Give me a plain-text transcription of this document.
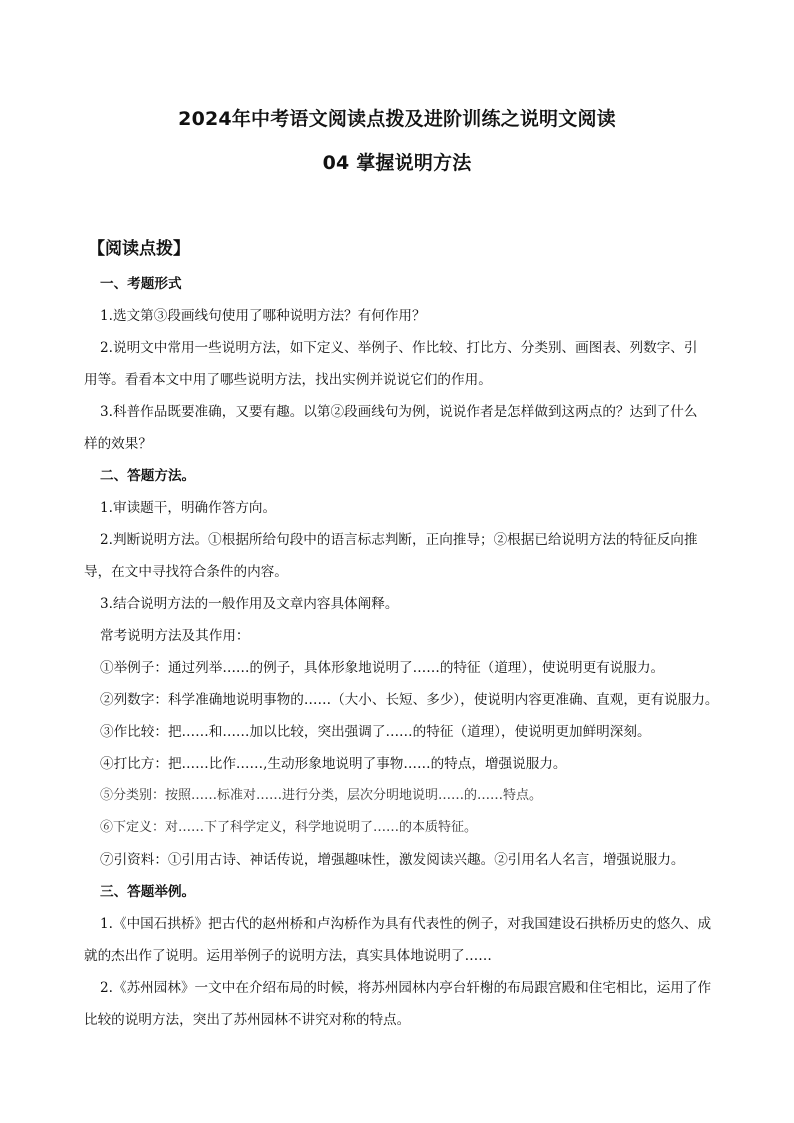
2024年中考语文阅读点拨及进阶训练之说明文阅读
04 掌握说明方法
【阅读点拨】

一、考题形式

1.选文第③段画线句使用了哪种说明方法？有何作用？

2.说明文中常用一些说明方法，如下定义、举例子、作比较、打比方、分类别、画图表、列数字、引

用等。看看本文中用了哪些说明方法，找出实例并说说它们的作用。

3.科普作品既要准确，又要有趣。以第②段画线句为例，说说作者是怎样做到这两点的？达到了什么

样的效果？

二、答题方法。

1.审读题干，明确作答方向。

2.判断说明方法。①根据所给句段中的语言标志判断，正向推导；②根据已给说明方法的特征反向推

导，在文中寻找符合条件的内容。

3.结合说明方法的一般作用及文章内容具体阐释。

常考说明方法及其作用：

①举例子：通过列举……的例子，具体形象地说明了……的特征（道理），使说明更有说服力。

②列数字：科学准确地说明事物的……（大小、长短、多少），使说明内容更准确、直观，更有说服力。

③作比较：把……和……加以比较，突出强调了……的特征（道理），使说明更加鲜明深刻。

④打比方：把……比作……,生动形象地说明了事物……的特点，增强说服力。

⑤分类别：按照……标准对……进行分类，层次分明地说明……的……特点。

⑥下定义：对……下了科学定义，科学地说明了……的本质特征。

⑦引资料：①引用古诗、神话传说，增强趣味性，激发阅读兴趣。②引用名人名言，增强说服力。

三、答题举例。

1.《中国石拱桥》把古代的赵州桥和卢沟桥作为具有代表性的例子，对我国建设石拱桥历史的悠久、成

就的杰出作了说明。运用举例子的说明方法，真实具体地说明了……

2.《苏州园林》一文中在介绍布局的时候，将苏州园林内亭台轩榭的布局跟宫殿和住宅相比，运用了作

比较的说明方法，突出了苏州园林不讲究对称的特点。
